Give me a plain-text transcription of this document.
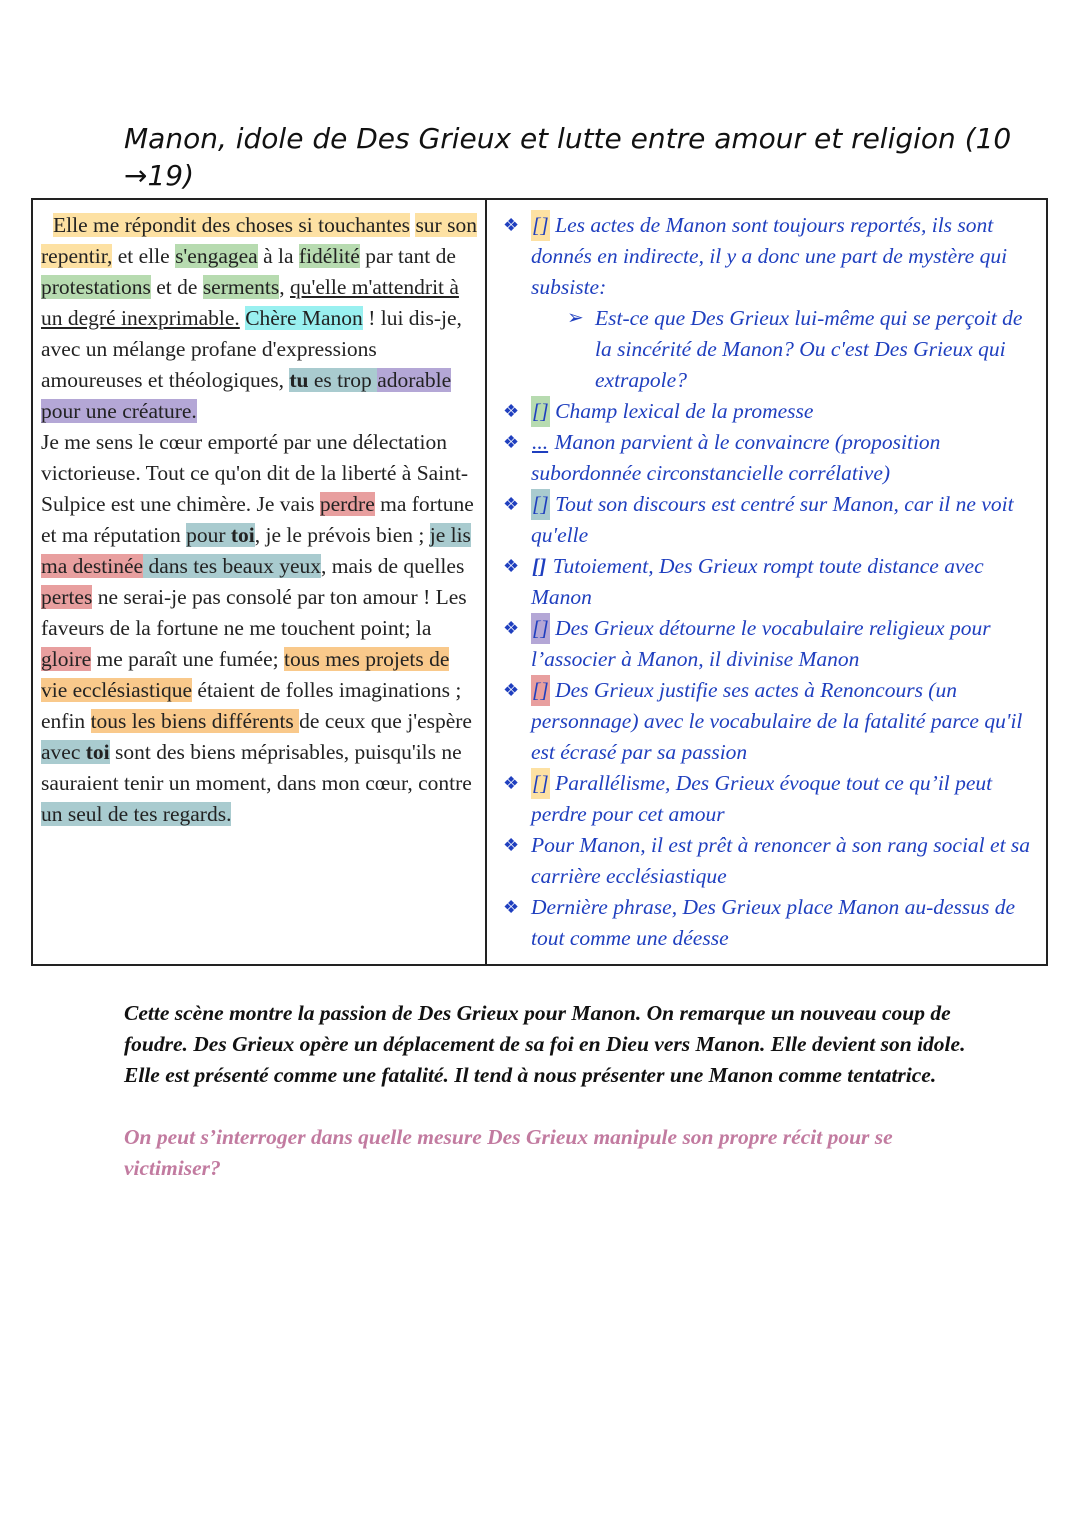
Manon, idole de Des Grieux et lutte entre amour et religion (10 →19)
Elle me répondit des choses si touchantes sur son repentir, et elle s'engagea à la fidélité par tant de protestations et de serments, qu'elle m'attendrit à un degré inexprimable. Chère Manon ! lui dis-je, avec un mélange profane d'expressions amoureuses et théologiques, tu es trop adorable pour une créature.
Je me sens le cœur emporté par une délectation victorieuse. Tout ce qu'on dit de la liberté à Saint-Sulpice est une chimère. Je vais perdre ma fortune et ma réputation pour toi, je le prévois bien ; je lis ma destinée dans tes beaux yeux, mais de quelles pertes ne serai-je pas consolé par ton amour ! Les faveurs de la fortune ne me touchent point; la gloire me paraît une fumée; tous mes projets de vie ecclésiastique étaient de folles imaginations ; enfin tous les biens différents de ceux que j'espère avec toi sont des biens méprisables, puisqu'ils ne sauraient tenir un moment, dans mon cœur, contre un seul de tes regards.

❖ [] Les actes de Manon sont toujours reportés, ils sont donnés en indirecte, il y a donc une part de mystère qui subsiste:
➢ Est-ce que Des Grieux lui-même qui se perçoit de la sincérité de Manon? Ou c'est Des Grieux qui extrapole?
❖ [] Champ lexical de la promesse
❖ ... Manon parvient à le convaincre (proposition subordonnée circonstancielle corrélative)
❖ [] Tout son discours est centré sur Manon, car il ne voit qu'elle
❖ [] Tutoiement, Des Grieux rompt toute distance avec Manon
❖ [] Des Grieux détourne le vocabulaire religieux pour l’associer à Manon, il divinise Manon
❖ [] Des Grieux justifie ses actes à Renoncours (un personnage) avec le vocabulaire de la fatalité parce qu'il est écrasé par sa passion
❖ [] Parallélisme, Des Grieux évoque tout ce qu’il peut perdre pour cet amour
❖ Pour Manon, il est prêt à renoncer à son rang social et sa carrière ecclésiastique
❖ Dernière phrase, Des Grieux place Manon au-dessus de tout comme une déesse
Cette scène montre la passion de Des Grieux pour Manon. On remarque un nouveau coup de foudre. Des Grieux opère un déplacement de sa foi en Dieu vers Manon. Elle devient son idole. Elle est présenté comme une fatalité. Il tend à nous présenter une Manon comme tentatrice.
On peut s’interroger dans quelle mesure Des Grieux manipule son propre récit pour se victimiser?
